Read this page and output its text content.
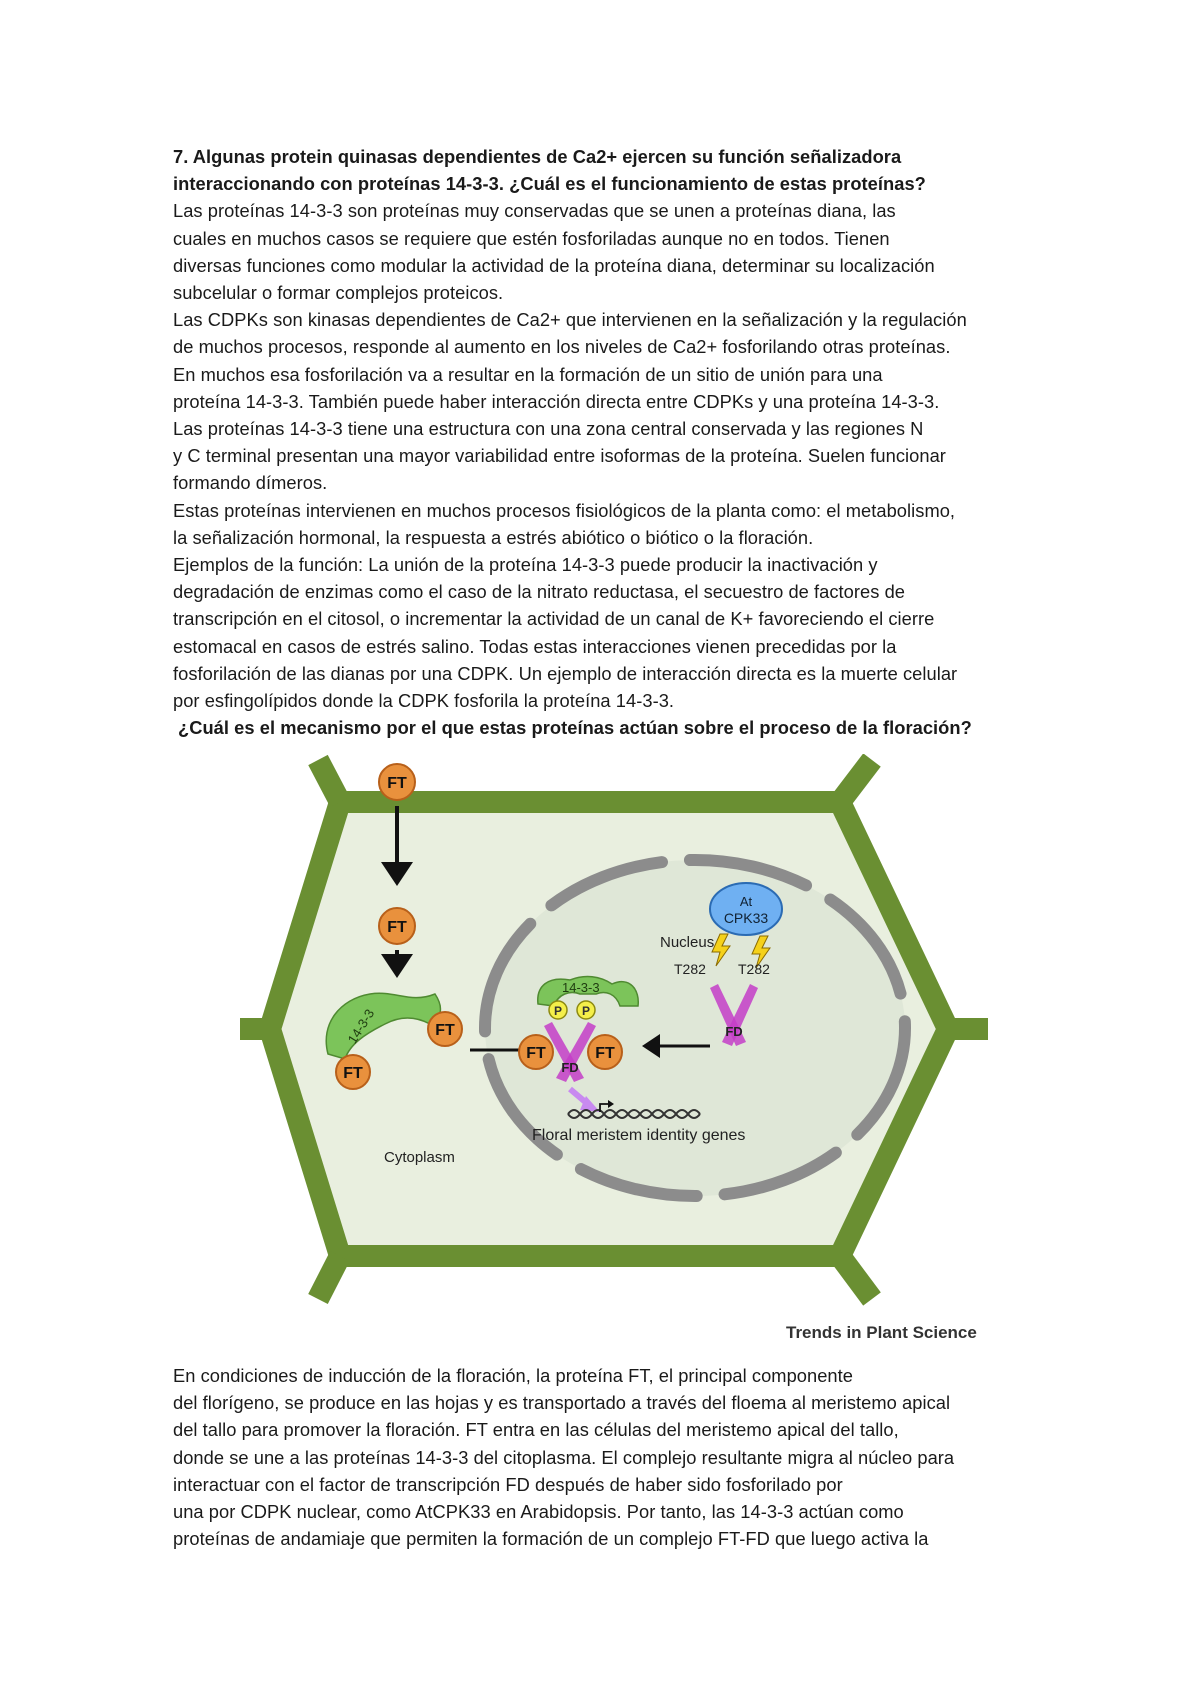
7. Algunas protein quinasas dependientes de Ca2+ ejercen su función señalizadora
interaccionando con proteínas 14-3-3. ¿Cuál es el funcionamiento de estas proteínas?
Las proteínas 14-3-3 son proteínas muy conservadas que se unen a proteínas diana, las
cuales en muchos casos se requiere que estén fosforiladas aunque no en todos. Tienen
diversas funciones como modular la actividad de la proteína diana, determinar su localización
subcelular o formar complejos proteicos.
Las CDPKs son kinasas dependientes de Ca2+ que intervienen en la señalización y la regulación
de muchos procesos, responde al aumento en los niveles de Ca2+ fosforilando otras proteínas.
En muchos esa fosforilación va a resultar en la formación de un sitio de unión para una
proteína 14-3-3. También puede haber interacción directa entre CDPKs y una proteína 14-3-3.
Las proteínas 14-3-3 tiene una estructura con una zona central conservada y las regiones N
y C terminal presentan una mayor variabilidad entre isoformas de la proteína. Suelen funcionar
formando dímeros.
Estas proteínas intervienen en muchos procesos fisiológicos de la planta como: el metabolismo,
la señalización hormonal, la respuesta a estrés abiótico o biótico o la floración.
Ejemplos de la función: La unión de la proteína 14-3-3 puede producir la inactivación y
degradación de enzimas como el caso de la nitrato reductasa, el secuestro de factores de
transcripción en el citosol, o incrementar la actividad de un canal de K+ favoreciendo el cierre
estomacal en casos de estrés salino. Todas estas interacciones vienen precedidas por la
fosforilación de las dianas por una CDPK. Un ejemplo de interacción directa es la muerte celular
por esfingolípidos donde la CDPK fosforila la proteína 14-3-3.
¿Cuál es el mecanismo por el que estas proteínas actúan sobre el proceso de la floración?
Nucleus
FT
FT
14-3-3	FT
FT
14-3-3
P P
FD
FT	FT
Floral meristem identity genes
At
CPK33
T282 T282
FD
Cytoplasm
Trends in Plant Science
En condiciones de inducción de la floración, la proteína FT, el principal componente
del florígeno, se produce en las hojas y es transportado a través del floema al meristemo apical
del tallo para promover la floración. FT entra en las células del meristemo apical del tallo,
donde se une a las proteínas 14-3-3 del citoplasma. El complejo resultante migra al núcleo para
interactuar con el factor de transcripción FD después de haber sido fosforilado por
una por CDPK nuclear, como AtCPK33 en Arabidopsis. Por tanto, las 14-3-3 actúan como
proteínas de andamiaje que permiten la formación de un complejo FT-FD que luego activa la
